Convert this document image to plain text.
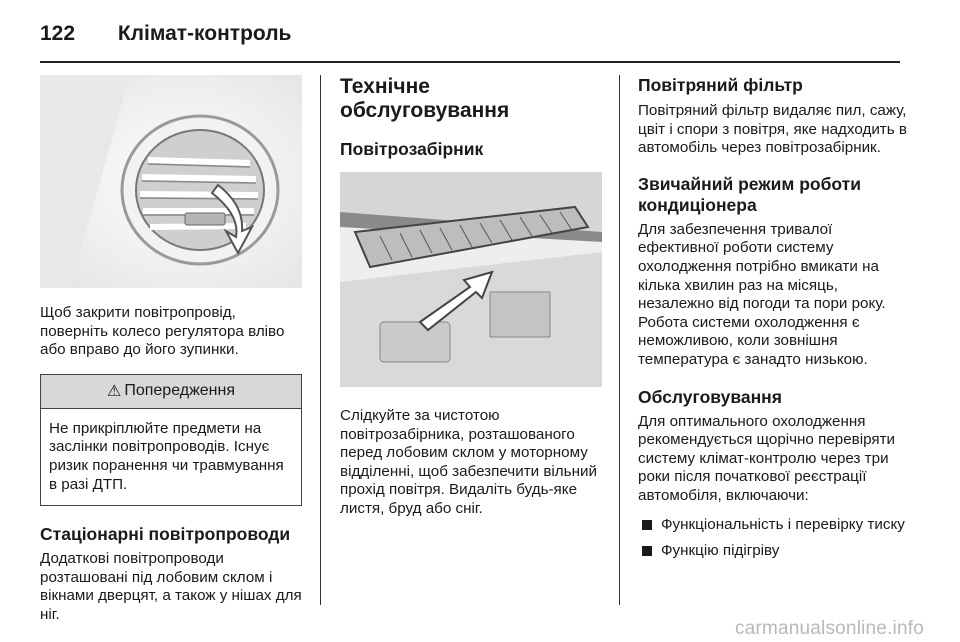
122 Клімат-контроль

Щоб закрити повітропровід, поверніть колесо регулятора вліво або вправо до його зупинки.

⚠ Попередження

Не прикріплюйте предмети на заслінки повітропроводів. Існує ризик поранення чи травмування в разі ДТП.

Стаціонарні повітропроводи

Додаткові повітропроводи розташовані під лобовим склом і вікнами дверцят, а також у нішах для ніг.

Технічне обслуговування
Повітрозабірник

Слідкуйте за чистотою повітрозабірника, розташованого перед лобовим склом у моторному відділенні, щоб забезпечити вільний прохід повітря. Видаліть будь-яке листя, бруд або сніг.

Повітряний фільтр

Повітряний фільтр видаляє пил, сажу, цвіт і спори з повітря, яке надходить в автомобіль через повітрозабірник.

Звичайний режим роботи кондиціонера

Для забезпечення тривалої ефективної роботи систему охолодження потрібно вмикати на кілька хвилин раз на місяць, незалежно від погоди та пори року. Робота системи охолодження є неможливою, коли зовнішня температура є занадто низькою.

Обслуговування

Для оптимального охолодження рекомендується щорічно перевіряти систему клімат-контролю через три роки після початкової реєстрації автомобіля, включаючи:

Функціональність і перевірку тиску
Функцію підігріву
carmanualsonline.info
